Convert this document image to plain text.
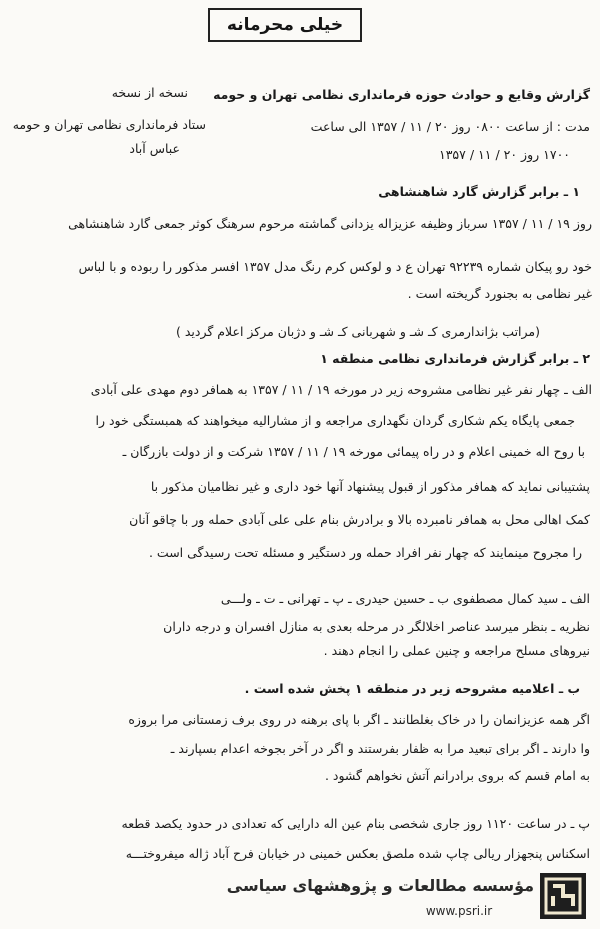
خیلی محرمانه
نسخه از نسخه
ستاد فرمانداری نظامی تهران و حومه
عباس آباد
گزارش وقایع و حوادث حوزه فرمانداری نظامی تهران و حومه
مدت : از ساعت ۰۸۰۰ روز ۲۰ / ۱۱ / ۱۳۵۷ الی ساعت
۱۷۰۰ روز ۲۰ / ۱۱ / ۱۳۵۷
۱ ـ برابر گزارش گارد شاهنشاهی
روز ۱۹ / ۱۱ / ۱۳۵۷ سرباز وظیفه عزیزاله یزدانی گماشته مرحوم سرهنگ کوثر جمعی گارد شاهنشاهی
خود رو پیکان شماره ۹۲۲۳۹ تهران ع د و لوکس کرم رنگ مدل ۱۳۵۷ افسر مذکور را ربوده و با لباس
غیر نظامی به بجنورد گریخته است .
(مراتب بژاندارمری کـ شـ و شهربانی کـ شـ و دژبان مرکز اعلام گردید )
۲ ـ برابر گزارش فرمانداری نظامی منطقه ۱
الف ـ چهار نفر غیر نظامی مشروحه زیر در مورخه ۱۹ / ۱۱ / ۱۳۵۷ به همافر دوم مهدی علی آبادی
جمعی پایگاه یکم شکاری گردان نگهداری مراجعه و از مشارالیه میخواهند که همبستگی خود را
با روح اله خمینی اعلام و در راه پیمائی مورخه ۱۹ / ۱۱ / ۱۳۵۷ شرکت و از دولت بازرگان ـ
پشتیبانی نماید که همافر مذکور از قبول پیشنهاد آنها خود داری و غیر نظامیان مذکور با
کمک اهالی محل به همافر نامبرده بالا و برادرش بنام علی علی آبادی حمله ور با چاقو آنان
را مجروح مینمایند که چهار نفر افراد حمله ور دستگیر و مسئله تحت رسیدگی است .
الف ـ سید کمال مصطفوی ب ـ حسین حیدری ـ پ ـ تهرانی ـ ت ـ ولـــی
نظریه ـ بنظر میرسد عناصر اخلالگر در مرحله بعدی به منازل افسران و درجه داران
نیروهای مسلح مراجعه و چنین عملی را انجام دهند .
ب ـ اعلامیه مشروحه زیر در منطقه ۱ پخش شده است .
اگر همه عزیزانمان را در خاک بغلطانند ـ اگر با پای برهنه در روی برف زمستانی مرا بروزه
وا دارند ـ اگر برای تبعید مرا به ظفار بفرستند و اگر در آخر بجوخه اعدام بسپارند ـ
به امام قسم که بروی برادرانم آتش نخواهم گشود .
پ ـ در ساعت ۱۱۲۰ روز جاری شخصی بنام عین اله دارایی که تعدادی در حدود یکصد قطعه
اسکناس پنجهزار ریالی چاپ شده ملصق بعکس خمینی در خیابان فرح آباد ژاله میفروختـــه
مؤسسه مطالعات و پژوهشهای سیاسی
www.psri.ir
